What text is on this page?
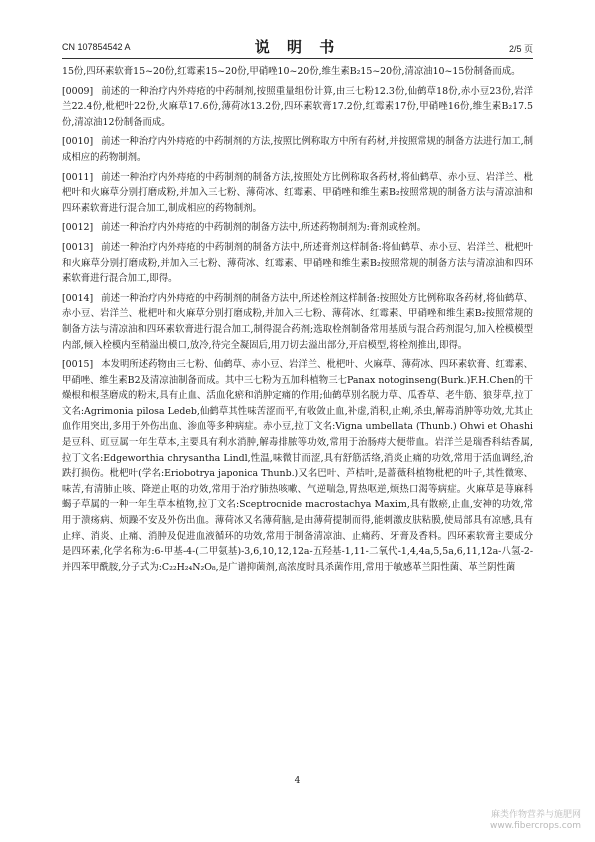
CN 107854542 A	说 明 书	2/5 页

15份,四环素软膏15~20份,红霉素15~20份,甲硝唑10~20份,维生素B₂15~20份,清凉油10~15份制备而成。

[0009] 前述的一种治疗内外痔疮的中药制剂,按照重量组份计算,由三七粉12.3份,仙鹤草18份,赤小豆23份,岩洋兰22.4份,枇杷叶22份,火麻草17.6份,薄荷冰13.2份,四环素软膏17.2份,红霉素17份,甲硝唑16份,维生素B₂17.5份,清凉油12份制备而成。

[0010] 前述一种治疗内外痔疮的中药制剂的方法,按照比例称取方中所有药材,并按照常规的制备方法进行加工,制成相应的药物制剂。

[0011] 前述一种治疗内外痔疮的中药制剂的制备方法,按照处方比例称取各药材,将仙鹤草、赤小豆、岩洋兰、枇杷叶和火麻草分别打磨成粉,并加入三七粉、薄荷冰、红霉素、甲硝唑和维生素B₂按照常规的制备方法与清凉油和四环素软膏进行混合加工,制成相应的药物制剂。

[0012] 前述一种治疗内外痔疮的中药制剂的制备方法中,所述药物制剂为:膏剂或栓剂。

[0013] 前述一种治疗内外痔疮的中药制剂的制备方法中,所述膏剂这样制备:将仙鹤草、赤小豆、岩洋兰、枇杷叶和火麻草分别打磨成粉,并加入三七粉、薄荷冰、红霉素、甲硝唑和维生素B₂按照常规的制备方法与清凉油和四环素软膏进行混合加工,即得。

[0014] 前述一种治疗内外痔疮的中药制剂的制备方法中,所述栓剂这样制备:按照处方比例称取各药材,将仙鹤草、赤小豆、岩洋兰、枇杷叶和火麻草分别打磨成粉,并加入三七粉、薄荷冰、红霉素、甲硝唑和维生素B₂按照常规的制备方法与清凉油和四环素软膏进行混合加工,制得混合药剂;选取栓剂制备常用基质与混合药剂混匀,加入栓模模型内部,倾入栓模内至稍溢出模口,放冷,待完全凝固后,用刀切去溢出部分,开启模型,将栓剂推出,即得。

[0015] 本发明所述药物由三七粉、仙鹤草、赤小豆、岩洋兰、枇杷叶、火麻草、薄荷冰、四环素软膏、红霉素、甲硝唑、维生素B2及清凉油制备而成。其中三七粉为五加科植物三七Panax notoginseng(Burk.)F.H.Chen的干燥根和根茎磨成的粉末,具有止血、活血化瘀和消肿定痛的作用;仙鹤草别名脱力草、瓜香草、老牛筋、狼芽草,拉丁文名:Agrimonia pilosa Ledeb,仙鹤草其性味苦涩而平,有收敛止血,补虚,消积,止痢,杀虫,解毒消肿等功效,尤其止血作用突出,多用于外伤出血、渗血等多种病症。赤小豆,拉丁文名:Vigna umbellata (Thunb.) Ohwi et Ohashi 是豆科、豇豆属一年生草本,主要具有利水消肿,解毒排脓等功效,常用于治肠痔大便带血。岩洋兰是瑞香科结香属,拉丁文名:Edgeworthia chrysantha Lindl,性温,味微甘而涩,具有舒筋活络,消炎止痛的功效,常用于活血调经,治跌打损伤。枇杷叶(学名:Eriobotrya japonica Thunb.)又名巴叶、芦桔叶,是蔷薇科植物枇杷的叶子,其性微寒、味苦,有清肺止咳、降逆止呕的功效,常用于治疗肺热咳嗽、气逆喘急,胃热呕逆,烦热口渴等病症。火麻草是荨麻科蝎子草属的一种一年生草本植物,拉丁文名:Sceptrocnide macrostachya Maxim,具有散瘀,止血,安神的功效,常用于溃疡病、烦躁不安及外伤出血。薄荷冰又名薄荷脑,是由薄荷提制而得,能刺激皮肤粘膜,使局部具有凉感,具有止痒、消炎、止痛、消肿及促进血液循环的功效,常用于制备清凉油、止痛药、牙膏及香料。四环素软膏主要成分是四环素,化学名称为:6-甲基-4-(二甲氨基)-3,6,10,12,12a-五羟基-1,11-二氧代-1,4,4a,5,5a,6,11,12a-八氢-2-并四苯甲酰胺,分子式为:C₂₂H₂₄N₂O₈,是广谱抑菌剂,高浓度时具杀菌作用,常用于敏感革兰阳性菌、革兰阴性菌

4
麻类作物营养与施肥网
www.fibercrops.com
